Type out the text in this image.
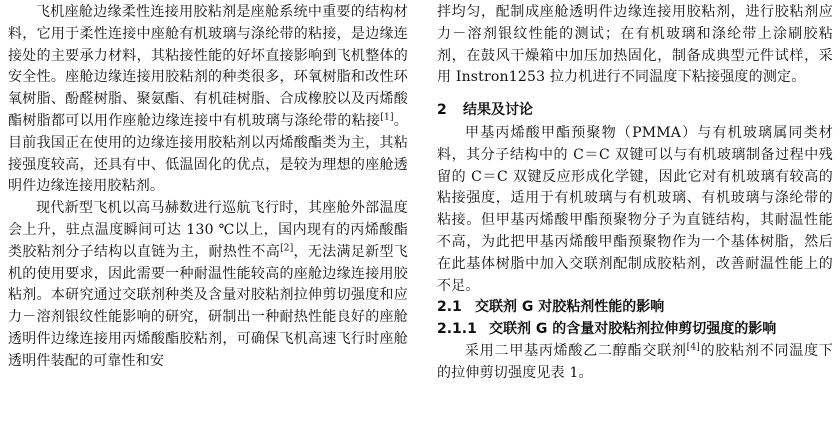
飞机座舱边缘柔性连接用胶粘剂是座舱系统中重要的结构材料，它用于柔性连接中座舱有机玻璃与涤纶带的粘接，是边缘连接处的主要承力材料，其粘接性能的好坏直接影响到飞机整体的安全性。座舱边缘连接用胶粘剂的种类很多，环氧树脂和改性环氧树脂、酚醛树脂、聚氨酯、有机硅树脂、合成橡胶以及丙烯酸酯树脂都可以用作座舱边缘连接中有机玻璃与涤纶带的粘接[1]。目前我国正在使用的边缘连接用胶粘剂以丙烯酸酯类为主，其粘接强度较高，还具有中、低温固化的优点，是较为理想的座舱透明件边缘连接用胶粘剂。

现代新型飞机以高马赫数进行巡航飞行时，其座舱外部温度会上升，驻点温度瞬间可达 130 ℃以上，国内现有的丙烯酸酯类胶粘剂分子结构以直链为主，耐热性不高[2]，无法满足新型飞机的使用要求，因此需要一种耐温性能较高的座舱边缘连接用胶粘剂。本研究通过交联剂种类及含量对胶粘剂拉伸剪切强度和应力－溶剂银纹性能影响的研究，研制出一种耐热性能良好的座舱透明件边缘连接用丙烯酸酯胶粘剂，可确保飞机高速飞行时座舱透明件装配的可靠性和安

拌均匀，配制成座舱透明件边缘连接用胶粘剂，进行胶粘剂应力－溶剂银纹性能的测试；在有机玻璃和涤纶带上涂刷胶粘剂，在鼓风干燥箱中加压加热固化，制备成典型元件试样，采用 Instron1253 拉力机进行不同温度下粘接强度的测定。

2 结果及讨论

甲基丙烯酸甲酯预聚物（PMMA）与有机玻璃属同类材料，其分子结构中的 C＝C 双键可以与有机玻璃制备过程中残留的 C＝C 双键反应形成化学键，因此它对有机玻璃有较高的粘接强度，适用于有机玻璃与有机玻璃、有机玻璃与涤纶带的粘接。但甲基丙烯酸甲酯预聚物分子为直链结构，其耐温性能不高，为此把甲基丙烯酸甲酯预聚物作为一个基体树脂，然后在此基体树脂中加入交联剂配制成胶粘剂，改善耐温性能上的不足。

2.1 交联剂 G 对胶粘剂性能的影响

2.1.1 交联剂 G 的含量对胶粘剂拉伸剪切强度的影响

采用二甲基丙烯酸乙二醇酯交联剂[4]的胶粘剂不同温度下的拉伸剪切强度见表 1。
